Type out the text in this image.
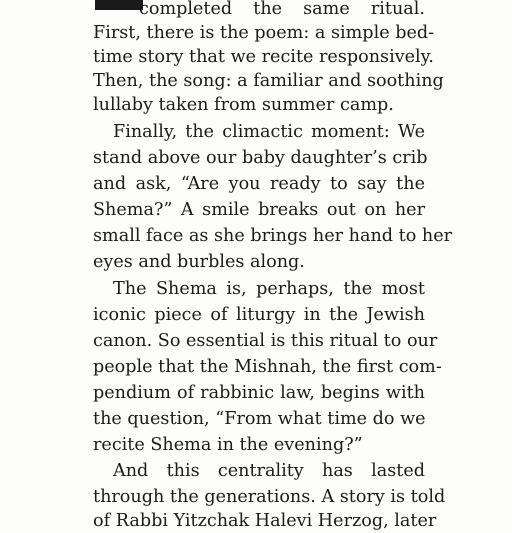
completed the same ritual.
First, there is the poem: a simple bed-
time story that we recite responsively.
Then, the song: a familiar and soothing
lullaby taken from summer camp.
Finally, the climactic moment: We
stand above our baby daughter’s crib
and ask, “Are you ready to say the
Shema?” A smile breaks out on her
small face as she brings her hand to her
eyes and burbles along.
The Shema is, perhaps, the most
iconic piece of liturgy in the Jewish
canon. So essential is this ritual to our
people that the Mishnah, the first com-
pendium of rabbinic law, begins with
the question, “From what time do we
recite Shema in the evening?”
And this centrality has lasted
through the generations. A story is told
of Rabbi Yitzchak Halevi Herzog, later
